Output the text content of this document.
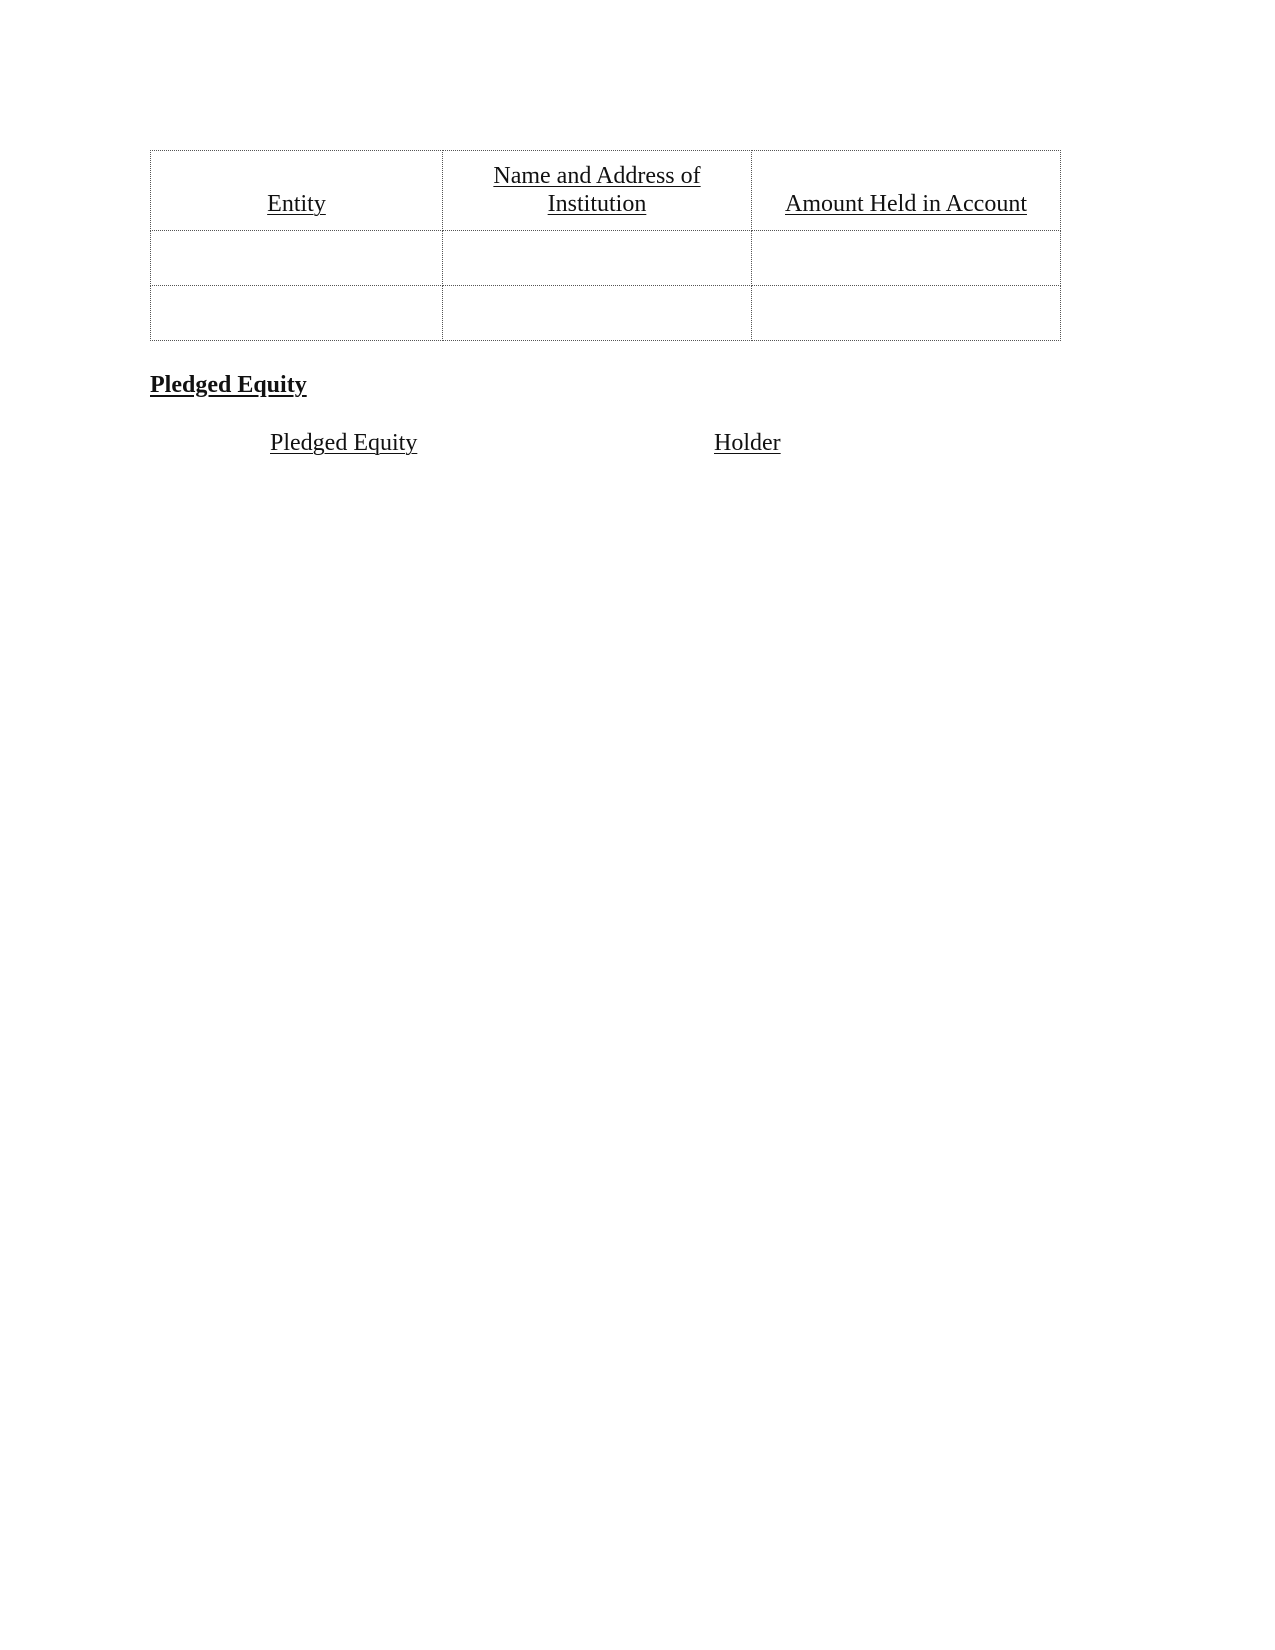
Entity	Name and Address of Institution	Amount Held in Account

Pledged Equity

Pledged Equity	Holder
